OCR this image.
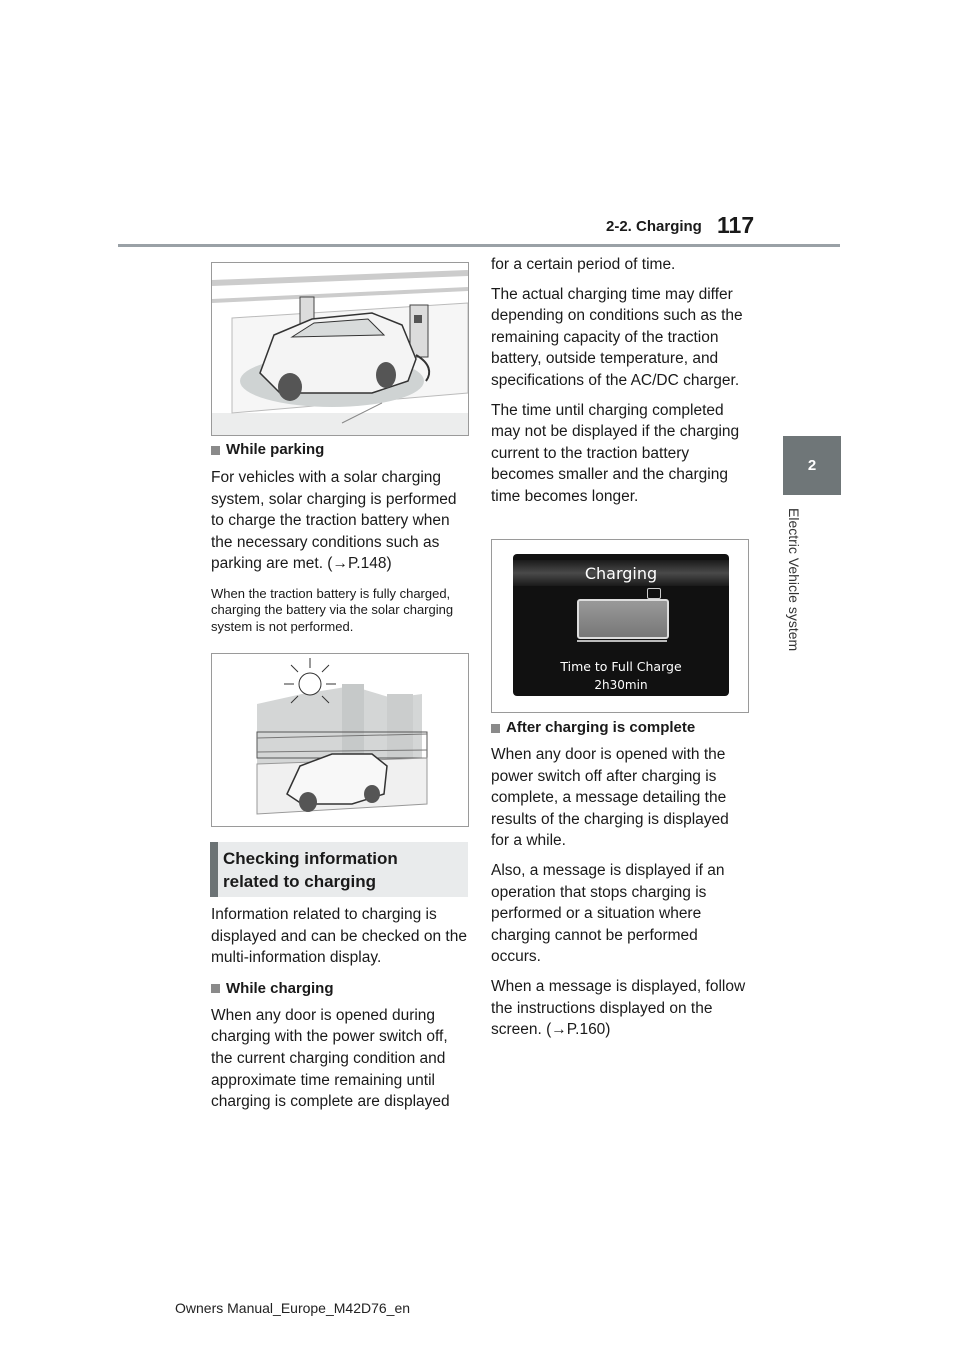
2-2. Charging 117
2
Electric Vehicle system
While parking

For vehicles with a solar charging system, solar charging is performed to charge the traction battery when the necessary conditions such as parking are met. (→P.148)

When the traction battery is fully charged, charging the battery via the solar charging system is not performed.

Checking information related to charging

Information related to charging is displayed and can be checked on the multi-information display.

While charging

When any door is opened during charging with the power switch off, the current charging condition and approximate time remaining until charging is complete are displayed

for a certain period of time.

The actual charging time may differ depending on conditions such as the remaining capacity of the traction battery, outside temperature, and specifications of the AC/DC charger.

The time until charging completed may not be displayed if the charging current to the traction battery becomes smaller and the charging time becomes longer.

Charging
Time to Full Charge
2h30min
After charging is complete

When any door is opened with the power switch off after charging is complete, a message detailing the results of the charging is displayed for a while.

Also, a message is displayed if an operation that stops charging is performed or a situation where charging cannot be performed occurs.

When a message is displayed, follow the instructions displayed on the screen. (→P.160)

Owners Manual_Europe_M42D76_en
